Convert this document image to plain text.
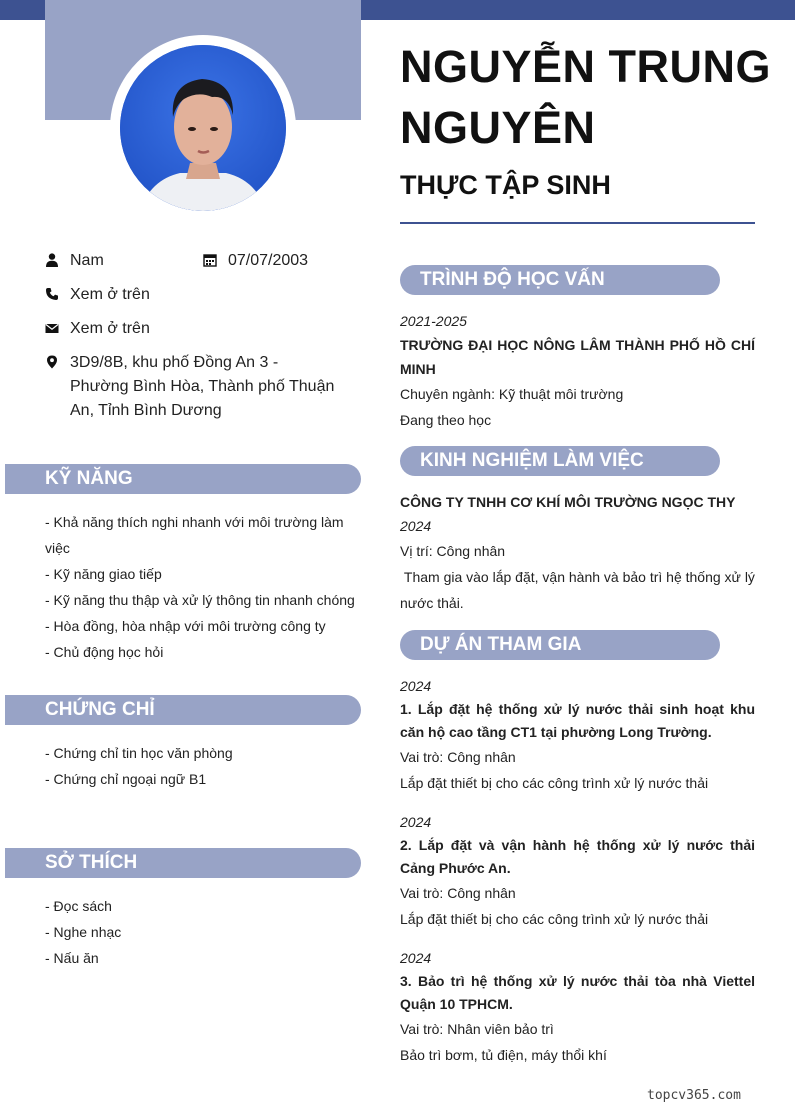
NGUYỄN TRUNG NGUYÊN
THỰC TẬP SINH
Nam	07/07/2003
Xem ở trên
Xem ở trên
3D9/8B, khu phố Đồng An 3 - Phường Bình Hòa, Thành phố Thuận An, Tỉnh Bình Dương
KỸ NĂNG
- Khả năng thích nghi nhanh với môi trường làm việc
- Kỹ năng giao tiếp
- Kỹ năng thu thập và xử lý thông tin nhanh chóng
- Hòa đồng, hòa nhập với môi trường công ty
- Chủ động học hỏi
CHỨNG CHỈ
- Chứng chỉ tin học văn phòng
- Chứng chỉ ngoại ngữ B1
SỞ THÍCH
- Đọc sách
- Nghe nhạc
- Nấu ăn
TRÌNH ĐỘ HỌC VẤN
2021-2025
TRƯỜNG ĐẠI HỌC NÔNG LÂM THÀNH PHỐ HỒ CHÍ MINH
Chuyên ngành: Kỹ thuật môi trường
Đang theo học
KINH NGHIỆM LÀM VIỆC
CÔNG TY TNHH CƠ KHÍ MÔI TRƯỜNG NGỌC THY
2024
Vị trí: Công nhân
Tham gia vào lắp đặt, vận hành và bảo trì hệ thống xử lý nước thải.
DỰ ÁN THAM GIA
2024
1. Lắp đặt hệ thống xử lý nước thải sinh hoạt khu căn hộ cao tầng CT1 tại phường Long Trường.
Vai trò: Công nhân
Lắp đặt thiết bị cho các công trình xử lý nước thải
2024
2. Lắp đặt và vận hành hệ thống xử lý nước thải Cảng Phước An.
Vai trò: Công nhân
Lắp đặt thiết bị cho các công trình xử lý nước thải
2024
3. Bảo trì hệ thống xử lý nước thải tòa nhà Viettel Quận 10 TPHCM.
Vai trò: Nhân viên bảo trì
Bảo trì bơm, tủ điện, máy thổi khí
topcv365.com
